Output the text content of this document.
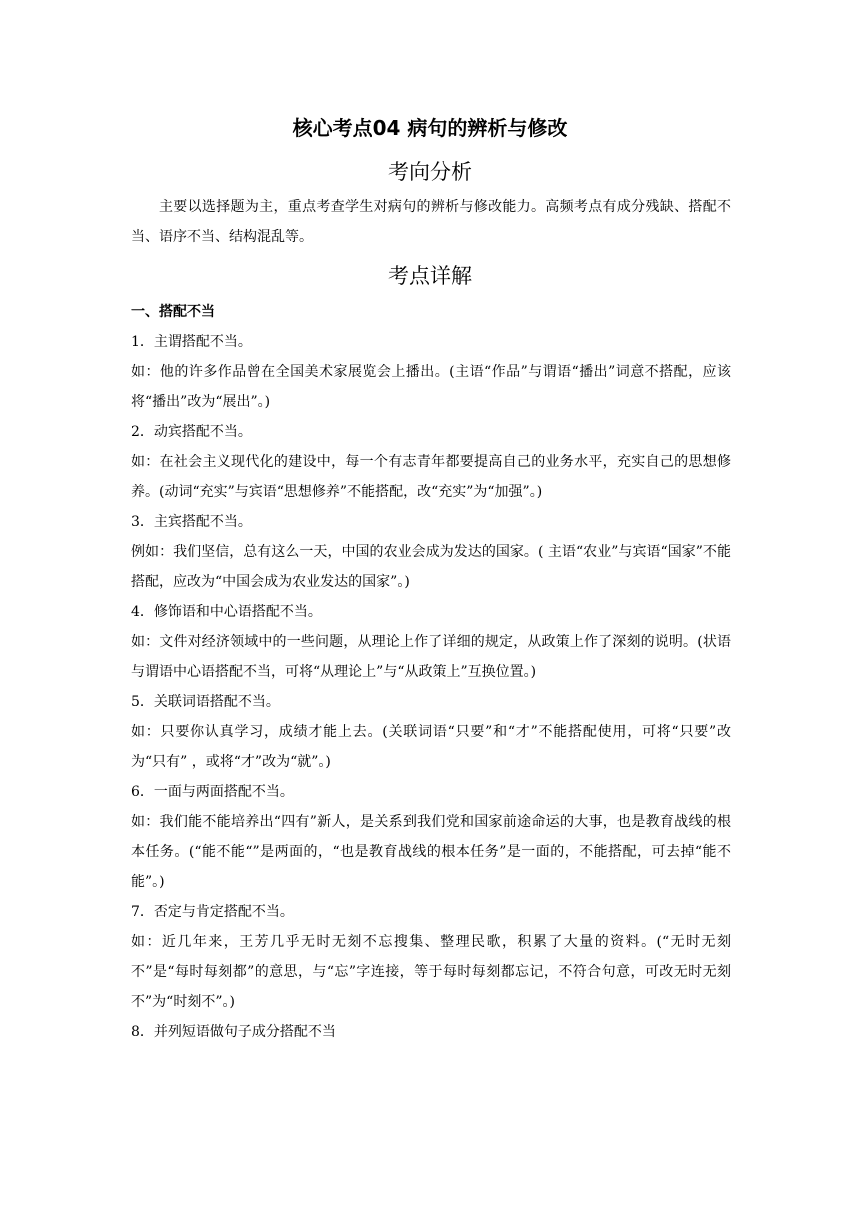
核心考点04 病句的辨析与修改
考向分析
主要以选择题为主，重点考查学生对病句的辨析与修改能力。高频考点有成分残缺、搭配不当、语序不当、结构混乱等。
考点详解
一、搭配不当

1．主谓搭配不当。

如：他的许多作品曾在全国美术家展览会上播出。(主语“作品”与谓语“播出”词意不搭配，应该将“播出”改为“展出”。)

2．动宾搭配不当。

如：在社会主义现代化的建设中，每一个有志青年都要提高自己的业务水平，充实自己的思想修养。(动词“充实”与宾语“思想修养”不能搭配，改“充实”为“加强”。)

3．主宾搭配不当。

例如：我们坚信，总有这么一天，中国的农业会成为发达的国家。( 主语“农业”与宾语“国家”不能搭配，应改为“中国会成为农业发达的国家”。)

4．修饰语和中心语搭配不当。

如：文件对经济领域中的一些问题，从理论上作了详细的规定，从政策上作了深刻的说明。(状语与谓语中心语搭配不当，可将“从理论上”与“从政策上”互换位置。)

5．关联词语搭配不当。

如：只要你认真学习，成绩才能上去。(关联词语“只要”和“才”不能搭配使用，可将“只要”改为“只有” ，或将“才”改为“就”。)

6．一面与两面搭配不当。

如：我们能不能培养出“四有”新人，是关系到我们党和国家前途命运的大事，也是教育战线的根本任务。(“能不能“”是两面的，“也是教育战线的根本任务”是一面的，不能搭配，可去掉“能不能”。)

7．否定与肯定搭配不当。

如：近几年来，王芳几乎无时无刻不忘搜集、整理民歌，积累了大量的资料。(“无时无刻不”是“每时每刻都”的意思，与“忘”字连接，等于每时每刻都忘记，不符合句意，可改无时无刻不”为“时刻不”。)

8．并列短语做句子成分搭配不当
